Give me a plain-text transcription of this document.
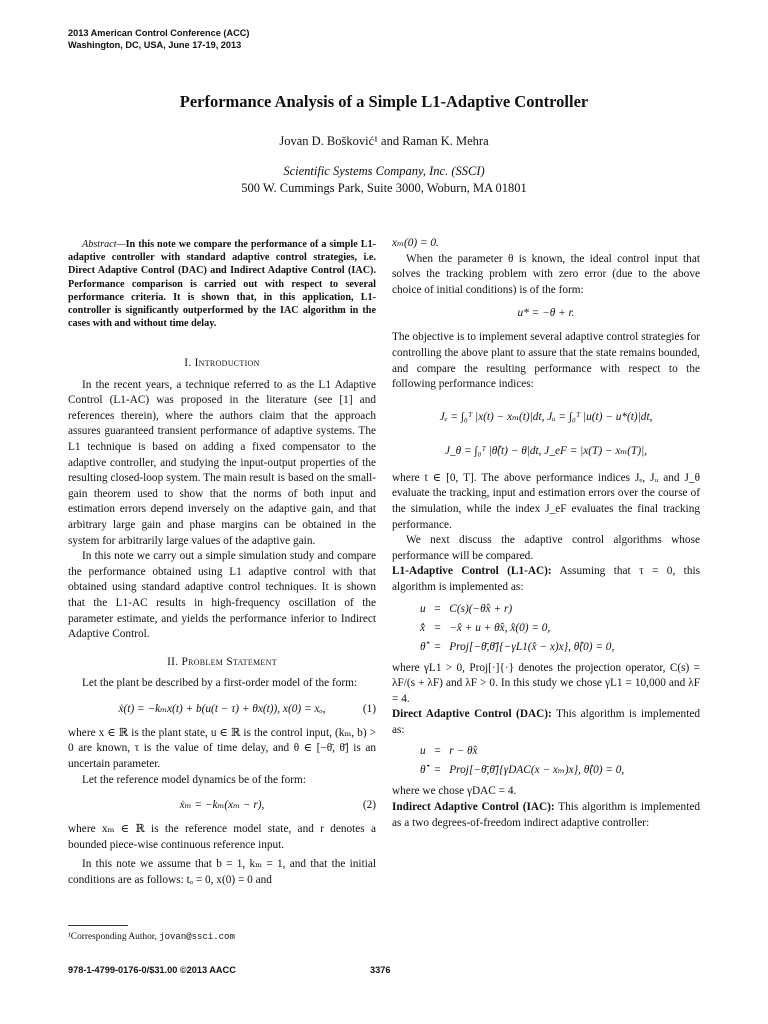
2013 American Control Conference (ACC)
Washington, DC, USA, June 17-19, 2013
Performance Analysis of a Simple L1-Adaptive Controller
Jovan D. Bošković¹ and Raman K. Mehra
Scientific Systems Company, Inc. (SSCI)
500 W. Cummings Park, Suite 3000, Woburn, MA 01801

Abstract—In this note we compare the performance of a simple L1-adaptive controller with standard adaptive control strategies, i.e. Direct Adaptive Control (DAC) and Indirect Adaptive Control (IAC). Performance comparison is carried out with respect to several performance criteria. It is shown that, in this application, L1-controller is significantly outperformed by the IAC algorithm in the cases with and without time delay.

I. Introduction

In the recent years, a technique referred to as the L1 Adaptive Control (L1-AC) was proposed in the literature (see [1] and references therein), where the authors claim that the approach assures guaranteed transient performance of adaptive systems. The L1 technique is based on adding a fixed compensator to the adaptive controller, and studying the input-output properties of the resulting closed-loop system. The main result is based on the small-gain theorem used to show that the norms of both input and estimation errors depend inversely on the adaptive gain, and that arbitrary large gain and phase margins can be obtained in the system for arbitrarily large values of the adaptive gain.

In this note we carry out a simple simulation study and compare the performance obtained using L1 adaptive control with that obtained using standard adaptive control techniques. It is shown that the L1-AC results in high-frequency oscillation of the parameter estimate, and yields the performance inferior to Indirect Adaptive Control.

II. Problem Statement

Let the plant be described by a first-order model of the form:

ẋ(t) = −kₘx(t) + b(u(t − τ) + θx(t)), x(0) = xₒ,	(1)

where x ∈ ℝ is the plant state, u ∈ ℝ is the control input, (kₘ, b) > 0 are known, τ is the value of time delay, and θ ∈ [−θ̄, θ̄] is an uncertain parameter.

Let the reference model dynamics be of the form:

ẋₘ = −kₘ(xₘ − r),	(2)

where xₘ ∈ ℝ is the reference model state, and r denotes a bounded piece-wise continuous reference input.

In this note we assume that b = 1, kₘ = 1, and that the initial conditions are as follows: tₒ = 0, x(0) = 0 and

xₘ(0) = 0.

When the parameter θ is known, the ideal control input that solves the tracking problem with zero error (due to the above choice of initial conditions) is of the form:

u* = −θ + r.

The objective is to implement several adaptive control strategies for controlling the above plant to assure that the state remains bounded, and compare the resulting performance with respect to the following performance indices:

Jₑ = ∫₀ᵀ |x(t) − xₘ(t)|dt, Jᵤ = ∫₀ᵀ |u(t) − u*(t)|dt,
J_θ = ∫₀ᵀ |θ̂(t) − θ|dt, J_eF = |x(T) − xₘ(T)|,

where t ∈ [0, T]. The above performance indices Jₑ, Jᵤ and J_θ evaluate the tracking, input and estimation errors over the course of the simulation, while the index J_eF evaluates the final tracking performance.

We next discuss the adaptive control algorithms whose performance will be compared.

L1-Adaptive Control (L1-AC): Assuming that τ = 0, this algorithm is implemented as:

u	=	C(s)(−θ̂x + r)
x̂̇	=	−x̂ + u + θ̂x, x̂(0) = 0,
θ̂̇	=	Proj[−θ̄,θ̄]{−γL1(x̂ − x)x}, θ̂(0) = 0,

where γL1 > 0, Proj[·]{·} denotes the projection operator, C(s) = λF/(s + λF) and λF > 0. In this study we chose γL1 = 10,000 and λF = 4.

Direct Adaptive Control (DAC): This algorithm is implemented as:

u	=	r − θ̂x
θ̂̇	=	Proj[−θ̄,θ̄]{γDAC(x − xₘ)x}, θ̂(0) = 0,

where we chose γDAC = 4.

Indirect Adaptive Control (IAC): This algorithm is implemented as a two degrees-of-freedom indirect adaptive controller:

¹Corresponding Author, jovan@ssci.com
978-1-4799-0176-0/$31.00 ©2013 AACC	3376
